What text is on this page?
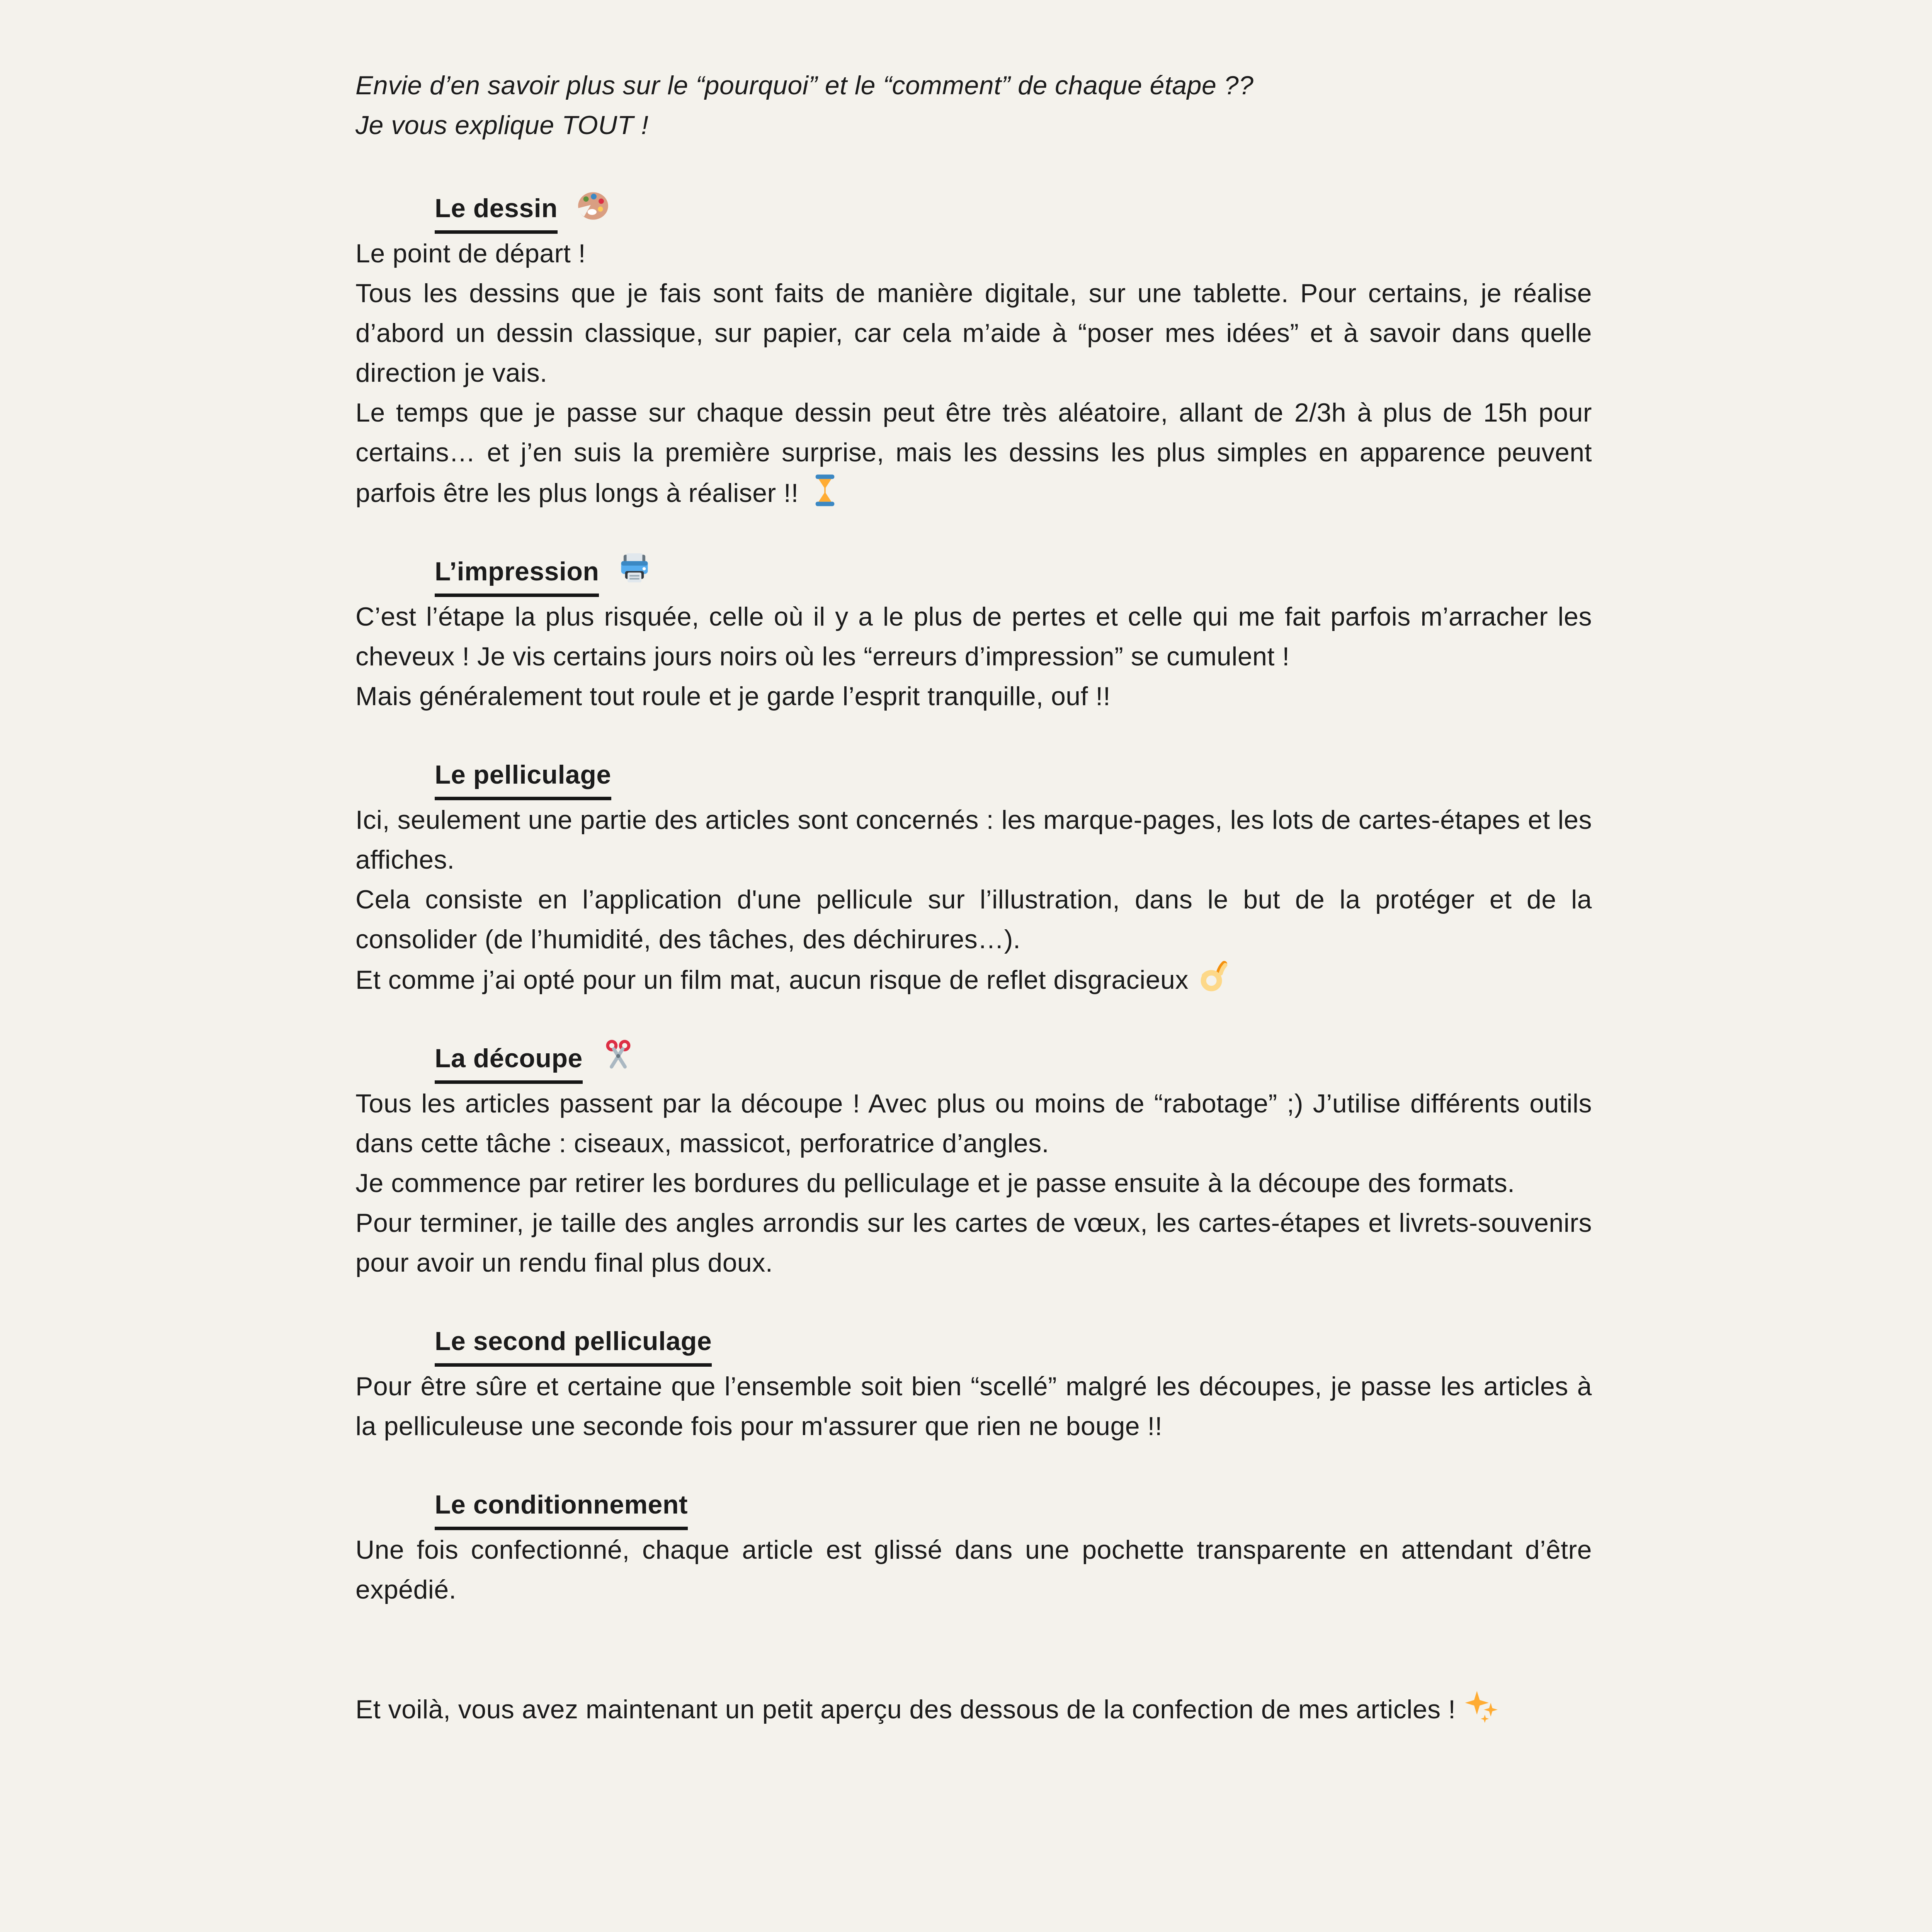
Envie d’en savoir plus sur le “pourquoi” et le “comment” de chaque étape ??

Je vous explique TOUT !

Le dessin

Le point de départ !

Tous les dessins que je fais sont faits de manière digitale, sur une tablette. Pour certains, je réalise d’abord un dessin classique, sur papier, car cela m’aide à “poser mes idées” et à savoir dans quelle direction je vais.

Le temps que je passe sur chaque dessin peut être très aléatoire, allant de 2/3h à plus de 15h pour certains… et j’en suis la première surprise, mais les dessins les plus simples en apparence peuvent parfois être les plus longs à réaliser !!

L’impression

C’est l’étape la plus risquée, celle où il y a le plus de pertes et celle qui me fait parfois m’arracher les cheveux ! Je vis certains jours noirs où les “erreurs d’impression” se cumulent !

Mais généralement tout roule et je garde l’esprit tranquille, ouf !!

Le pelliculage

Ici, seulement une partie des articles sont concernés : les marque-pages, les lots de cartes-étapes et les affiches.

Cela consiste en l’application d'une pellicule sur l’illustration, dans le but de la protéger et de la consolider (de l’humidité, des tâches, des déchirures…).

Et comme j’ai opté pour un film mat, aucun risque de reflet disgracieux

La découpe

Tous les articles passent par la découpe ! Avec plus ou moins de “rabotage” ;) J’utilise différents outils dans cette tâche : ciseaux, massicot, perforatrice d’angles.

Je commence par retirer les bordures du pelliculage et je passe ensuite à la découpe des formats.

Pour terminer, je taille des angles arrondis sur les cartes de vœux, les cartes-étapes et livrets-souvenirs pour avoir un rendu final plus doux.

Le second pelliculage

Pour être sûre et certaine que l’ensemble soit bien “scellé” malgré les découpes, je passe les articles à la pelliculeuse une seconde fois pour m'assurer que rien ne bouge !!

Le conditionnement

Une fois confectionné, chaque article est glissé dans une pochette transparente en attendant d’être expédié.

Et voilà, vous avez maintenant un petit aperçu des dessous de la confection de mes articles !
